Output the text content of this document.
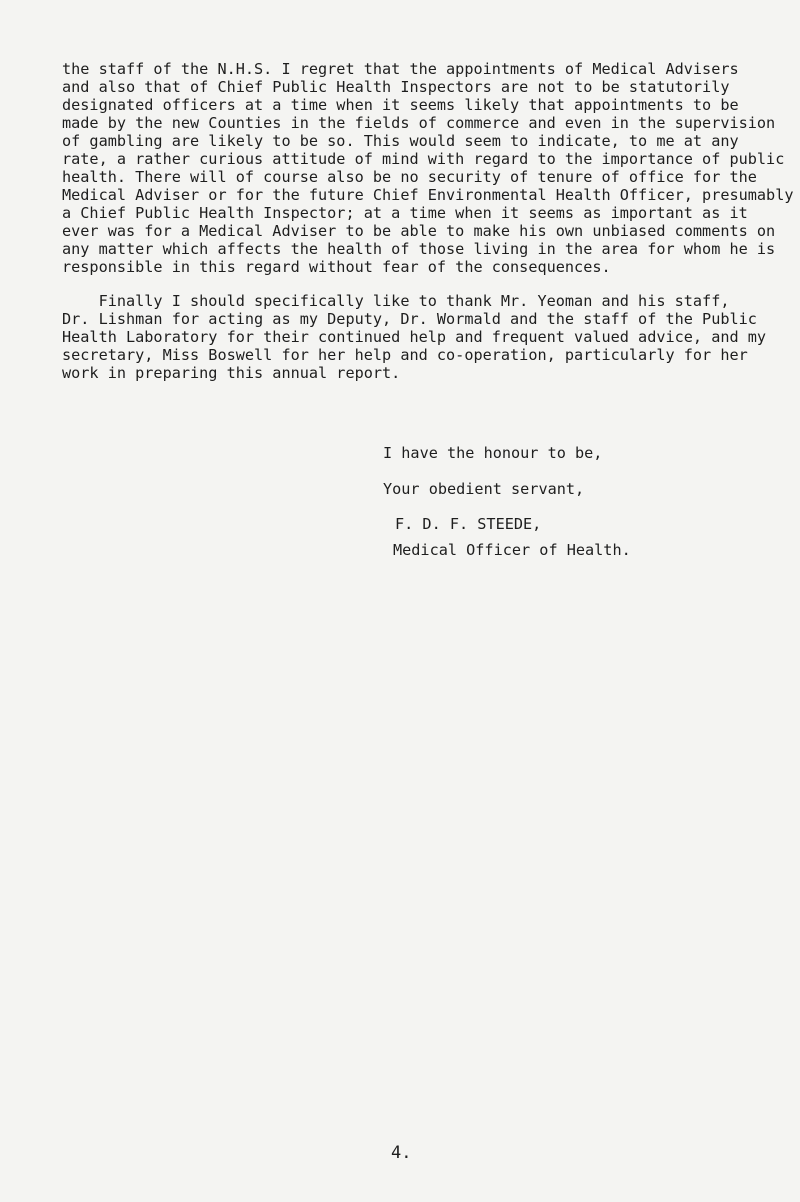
the staff of the N.H.S. I regret that the appointments of Medical Advisers
and also that of Chief Public Health Inspectors are not to be statutorily
designated officers at a time when it seems likely that appointments to be
made by the new Counties in the fields of commerce and even in the supervision
of gambling are likely to be so. This would seem to indicate, to me at any
rate, a rather curious attitude of mind with regard to the importance of public
health. There will of course also be no security of tenure of office for the
Medical Adviser or for the future Chief Environmental Health Officer, presumably
a Chief Public Health Inspector; at a time when it seems as important as it
ever was for a Medical Adviser to be able to make his own unbiased comments on
any matter which affects the health of those living in the area for whom he is
responsible in this regard without fear of the consequences.
Finally I should specifically like to thank Mr. Yeoman and his staff,
Dr. Lishman for acting as my Deputy, Dr. Wormald and the staff of the Public
Health Laboratory for their continued help and frequent valued advice, and my
secretary, Miss Boswell for her help and co-operation, particularly for her
work in preparing this annual report.
I have the honour to be,
Your obedient servant,
F. D. F. STEEDE,
Medical Officer of Health.
4.
